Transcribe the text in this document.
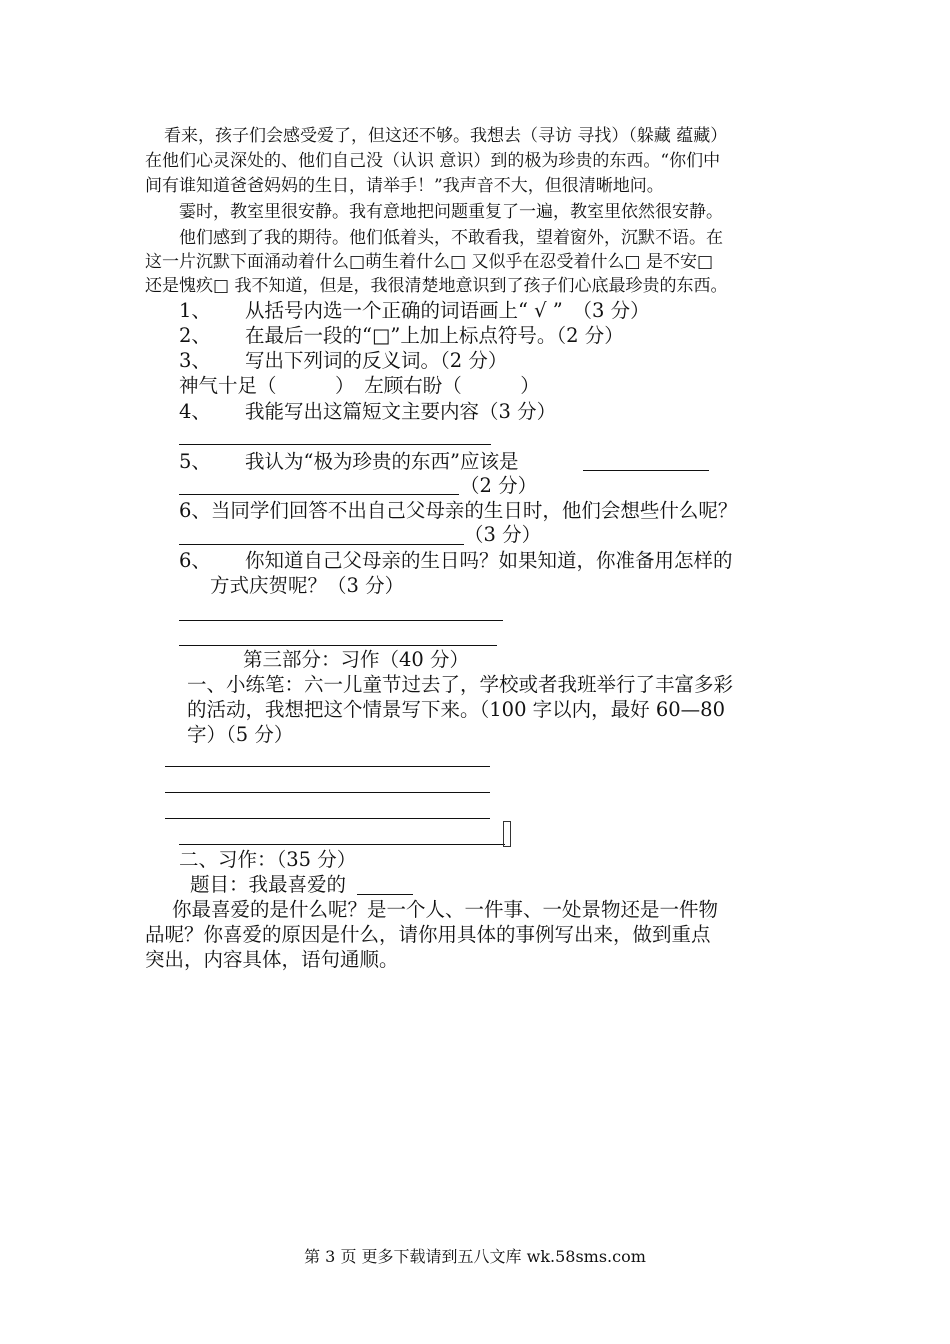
看来，孩子们会感受爱了，但这还不够。我想去（寻访 寻找）（躲藏 蕴藏）
在他们心灵深处的、他们自己没（认识 意识）到的极为珍贵的东西。“你们中
间有谁知道爸爸妈妈的生日，请举手！”我声音不大，但很清晰地问。
霎时，教室里很安静。我有意地把问题重复了一遍，教室里依然很安静。
他们感到了我的期待。他们低着头，不敢看我，望着窗外，沉默不语。在
这一片沉默下面涌动着什么□萌生着什么□ 又似乎在忍受着什么□ 是不安□
还是愧疚□ 我不知道，但是，我很清楚地意识到了孩子们心底最珍贵的东西。
1、 从括号内选一个正确的词语画上“ √ ”　（3 分）
2、 在最后一段的“□”上加上标点符号。（2 分）
3、 写出下列词的反义词。（2 分）
神气十足（　　　）　左顾右盼（　　　）
4、 我能写出这篇短文主要内容（3 分）
5、 我认为“极为珍贵的东西”应该是
（2 分）
6、当同学们回答不出自己父母亲的生日时，他们会想些什么呢？
（3 分）
6、 你知道自己父母亲的生日吗？如果知道，你准备用怎样的
方式庆贺呢？（3 分）
第三部分：习作（40 分）
一、小练笔：六一儿童节过去了，学校或者我班举行了丰富多彩
的活动，我想把这个情景写下来。（100 字以内，最好 60—80
字）（5 分）
二、习作：（35 分）
题目：我最喜爱的
你最喜爱的是什么呢？是一个人、一件事、一处景物还是一件物
品呢？你喜爱的原因是什么，请你用具体的事例写出来，做到重点
突出，内容具体，语句通顺。
第 3 页 更多下载请到五八文库 wk.58sms.com
